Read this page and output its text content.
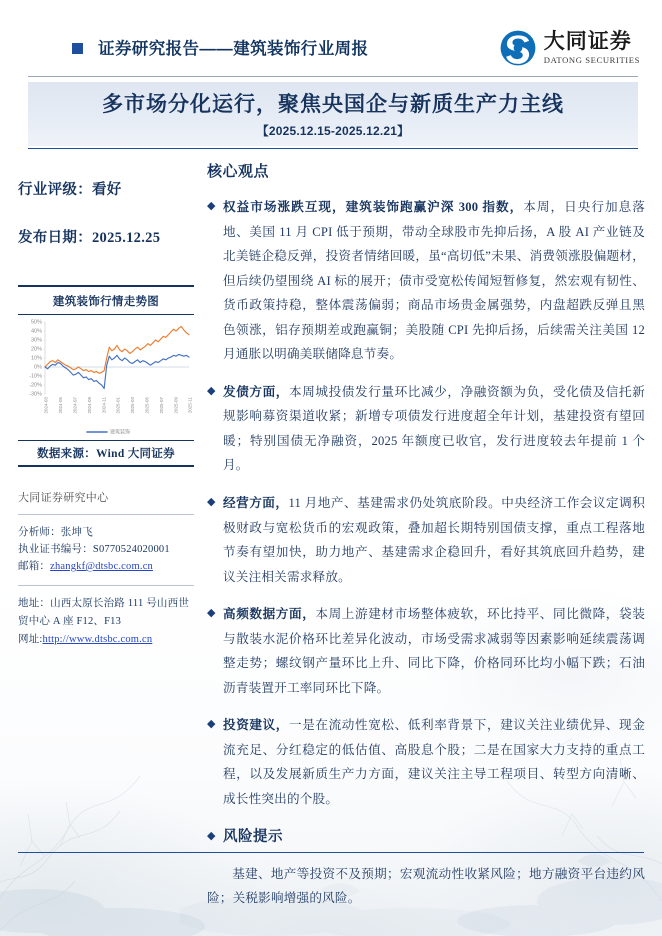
证券研究报告——建筑装饰行业周报	大同证券
DATONG SECURITIES
多市场分化运行，聚焦央国企与新质生产力主线
【2025.12.15-2025.12.21】
行业评级：看好
发布日期：2025.12.25
建筑装饰行情走势图
数据来源：Wind 大同证券
大同证券研究中心
分析师：张坤飞
执业证书编号：S0770524020001
邮箱：zhangkf@dtsbc.com.cn
地址：山西太原长治路 111 号山西世贸中心 A 座 F12、F13
网址:http://www.dtsbc.com.cn
核心观点
◆ 权益市场涨跌互现，建筑装饰跑赢沪深 300 指数，本周，日央行加息落地、美国 11 月 CPI 低于预期，带动全球股市先抑后扬，A 股 AI 产业链及北美链企稳反弹，投资者情绪回暖，虽“高切低”未果、消费领涨股偏题材，但后续仍望围绕 AI 标的展开；债市受宽松传闻短暂修复，然宏观有韧性、货币政策持稳，整体震荡偏弱；商品市场贵金属强势，内盘超跌反弹且黑色领涨，铝存预期差或跑赢铜；美股随 CPI 先抑后扬，后续需关注美国 12 月通胀以明确美联储降息节奏。
◆ 发债方面，本周城投债发行量环比减少，净融资额为负，受化债及信托新规影响募资渠道收紧；新增专项债发行进度超全年计划，基建投资有望回暖；特别国债无净融资，2025 年额度已收官，发行进度较去年提前 1 个月。
◆ 经营方面，11 月地产、基建需求仍处筑底阶段。中央经济工作会议定调积极财政与宽松货币的宏观政策，叠加超长期特别国债支撑，重点工程落地节奏有望加快，助力地产、基建需求企稳回升，看好其筑底回升趋势，建议关注相关需求释放。
◆ 高频数据方面，本周上游建材市场整体疲软，环比持平、同比微降，袋装与散装水泥价格环比差异化波动，市场受需求减弱等因素影响延续震荡调整走势；螺纹钢产量环比上升、同比下降，价格同环比均小幅下跌；石油沥青装置开工率同环比下降。
◆ 投资建议，一是在流动性宽松、低利率背景下，建议关注业绩优异、现金流充足、分红稳定的低估值、高股息个股；二是在国家大力支持的重点工程，以及发展新质生产力方面，建议关注主导工程项目、转型方向清晰、成长性突出的个股。
◆ 风险提示
基建、地产等投资不及预期；宏观流动性收紧风险；地方融资平台违约风险；关税影响增强的风险。
